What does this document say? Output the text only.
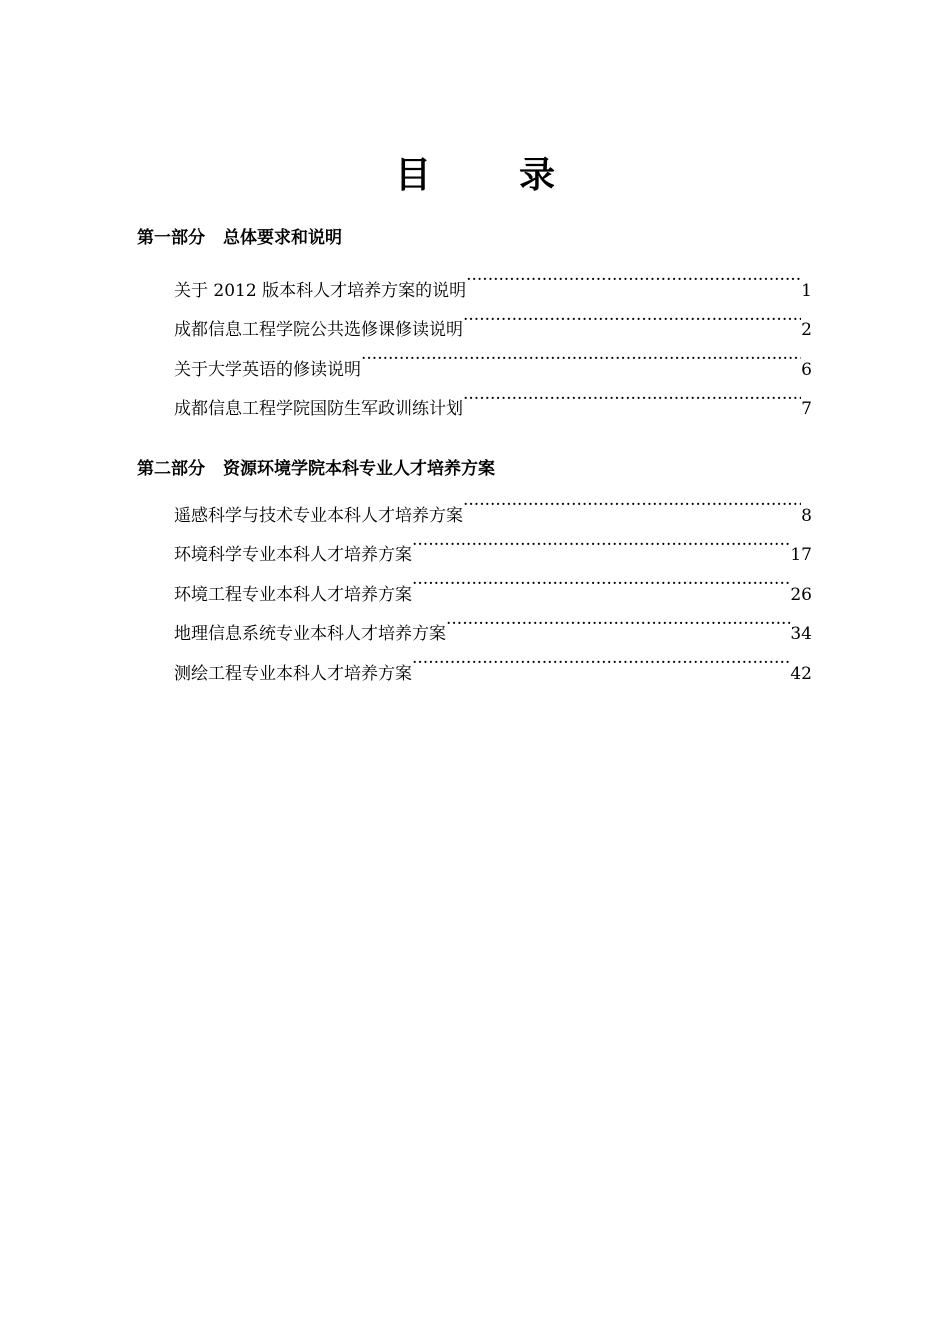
目　录
第一部分 总体要求和说明
关于 2012 版本科人才培养方案的说明 .....	1
成都信息工程学院公共选修课修读说明 .....	2
关于大学英语的修读说明 .....	6
成都信息工程学院国防生军政训练计划 .....	7
第二部分 资源环境学院本科专业人才培养方案
遥感科学与技术专业本科人才培养方案 .....	8
环境科学专业本科人才培养方案 .....	17
环境工程专业本科人才培养方案 .....	26
地理信息系统专业本科人才培养方案 .....	34
测绘工程专业本科人才培养方案 .....	42
